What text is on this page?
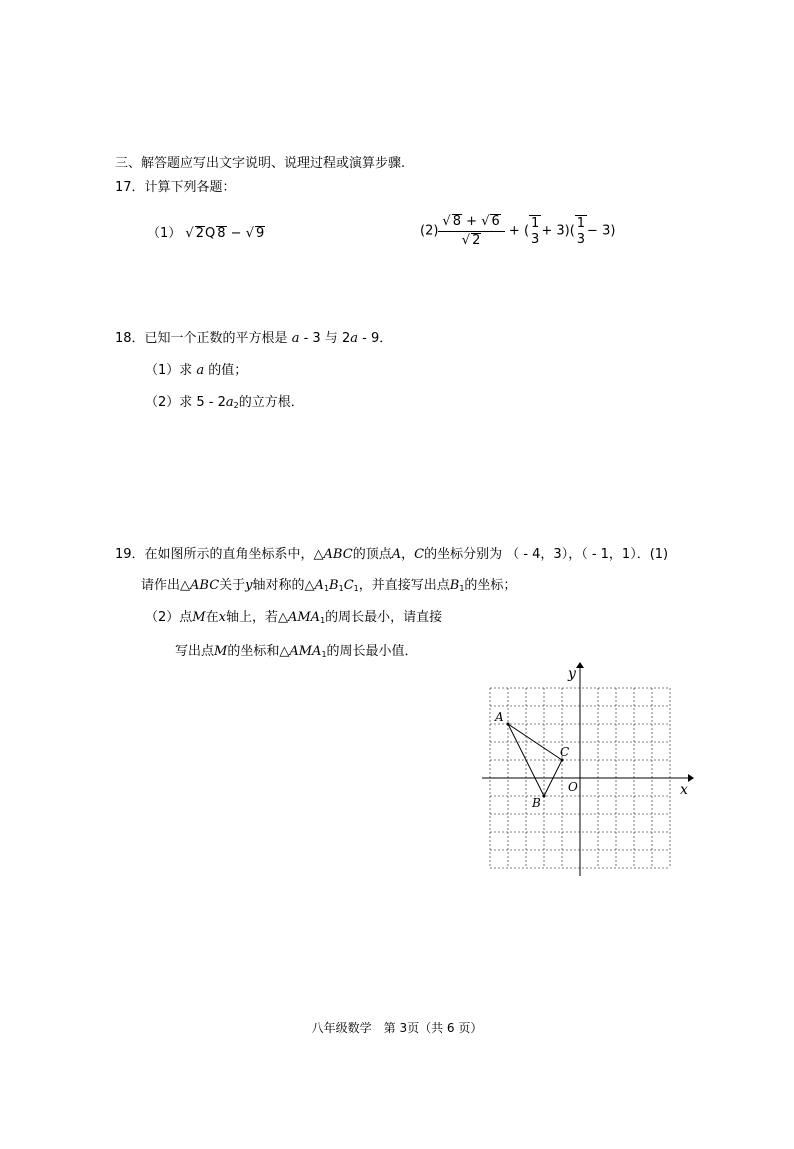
三、解答题应写出文字说明、说理过程或演算步骤.
17．计算下列各题：
（1） √ 2Q 8 − √ 9	$(2) \frac{√ 8 + √ 6}{√ 2}$ + ( 1
3
+ 3)( 1
3
− 3)
18．已知一个正数的平方根是 a - 3 与 2a - 9．
（1）求 a 的值；
（2）求 $5 - 2a_2$的立方根．
19．在如图所示的直角坐标系中，△ABC的顶点A，C的坐标分别为 （ - 4，3），（ - 1，1）．(1)
请作出△ABC关于y轴对称的$\triangle A_1B_1C_1$，并直接写出点$B_1$的坐标；
（2）点M在x轴上，若$\triangle AMA_1$的周长最小，请直接
写出点M的坐标和$\triangle AMA_1$的周长最小值．
x
y
O
A
B
C
八年级数学　第 3页（共 6 页）
